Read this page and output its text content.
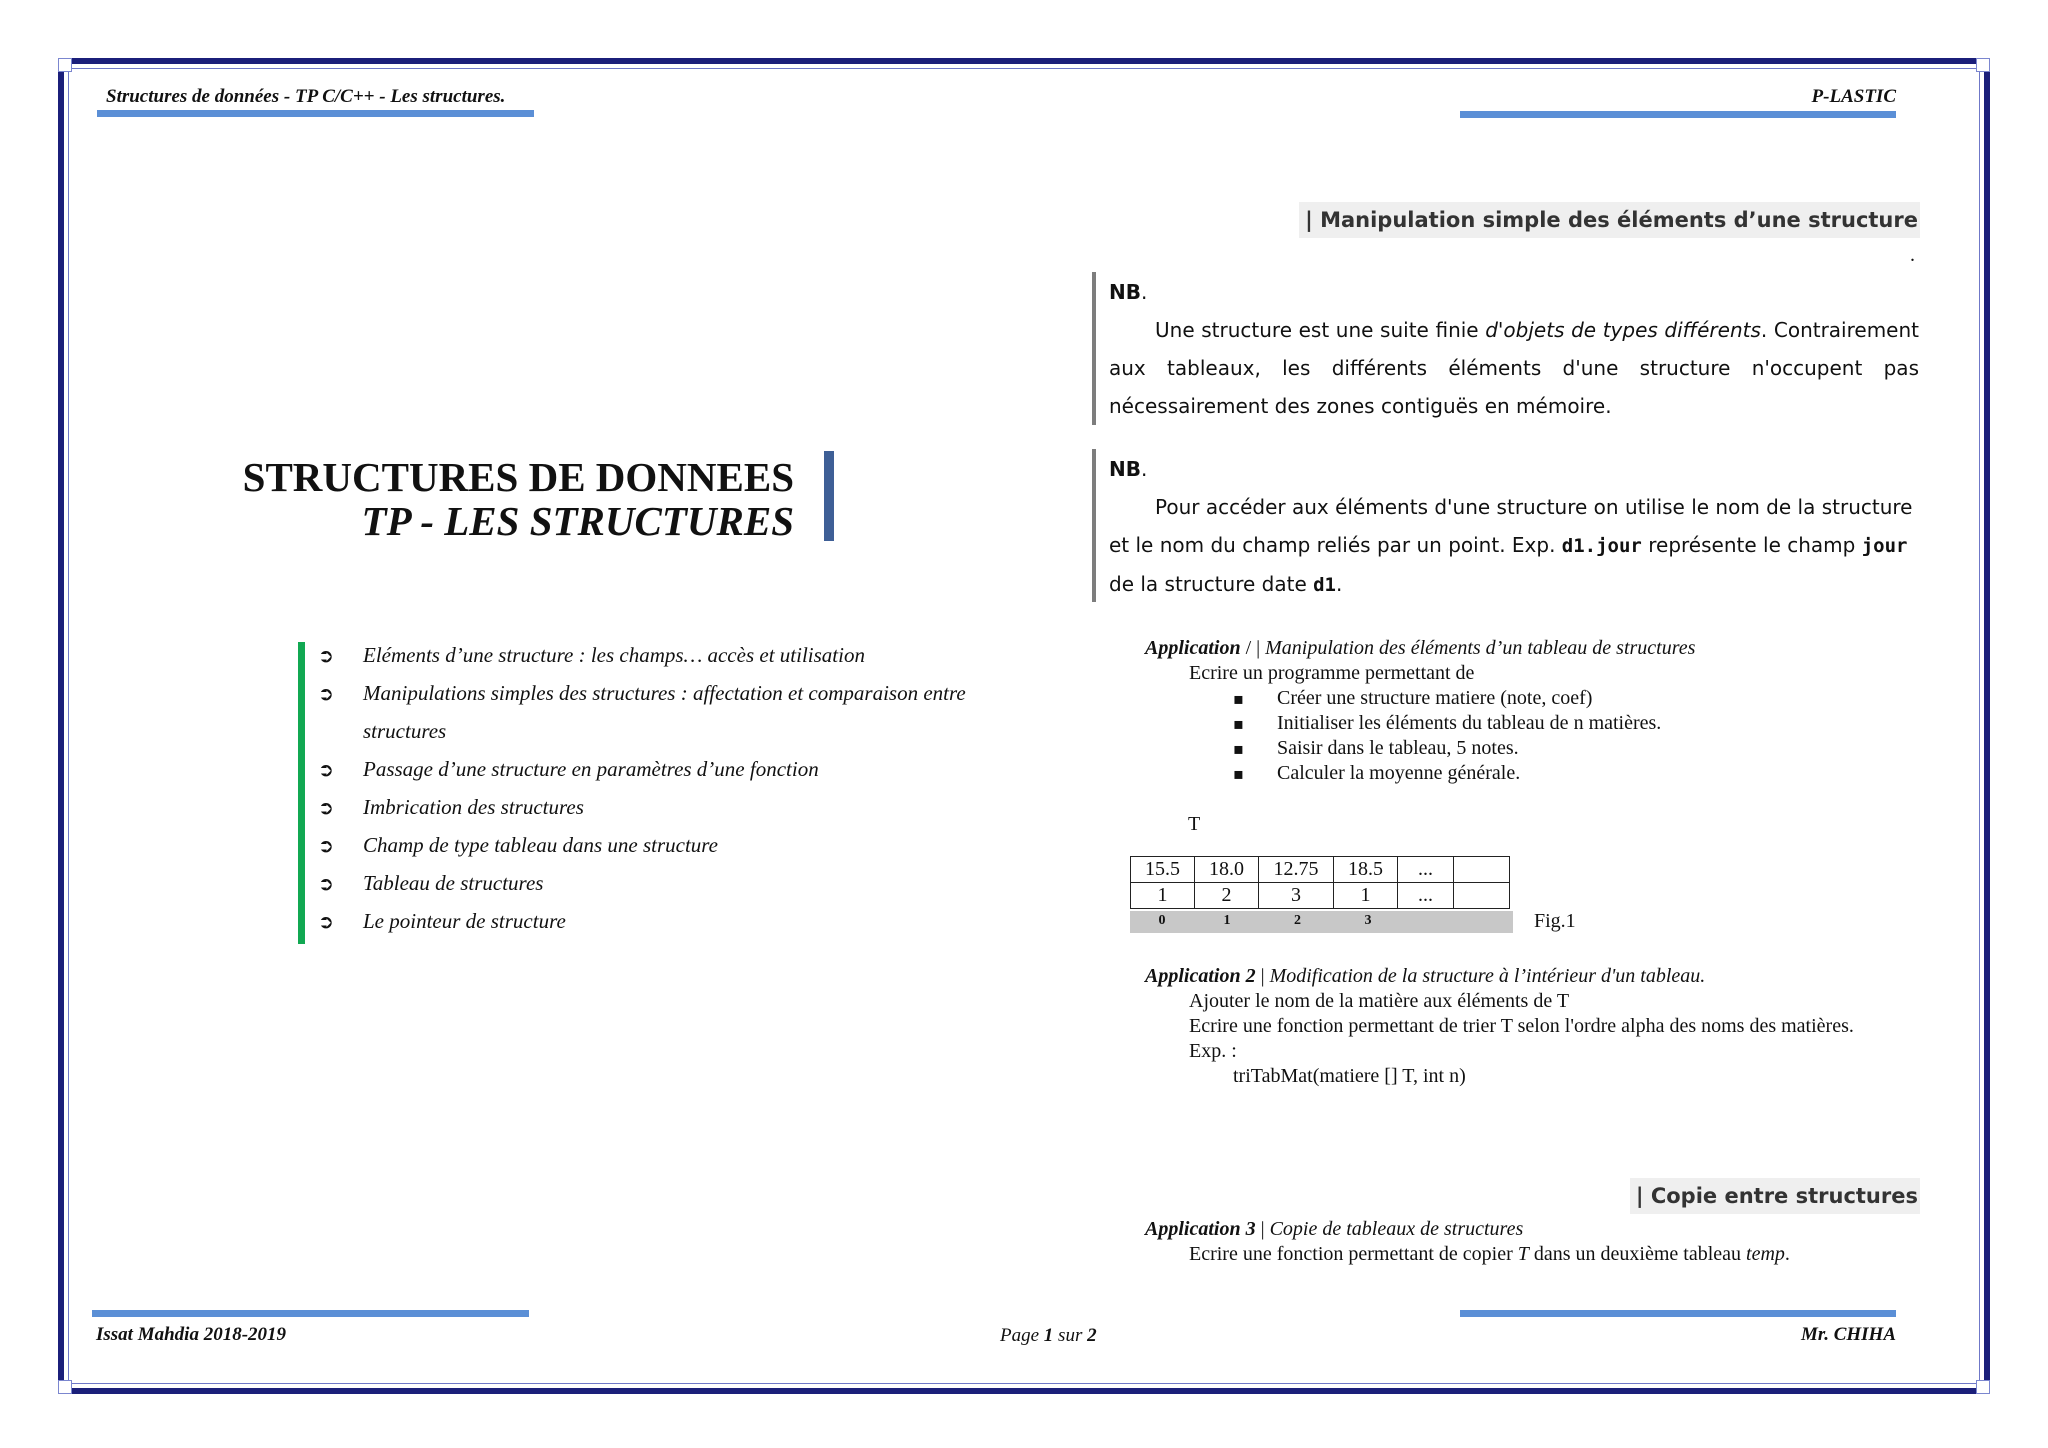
Structures de données - TP C/C++ - Les structures.	P-LASTIC
STRUCTURES DE DONNEES
TP - LES STRUCTURES
➲ Eléments d’une structure : les champs… accès et utilisation
➲ Manipulations simples des structures : affectation et comparaison entre structures
➲ Passage d’une structure en paramètres d’une fonction
➲ Imbrication des structures
➲ Champ de type tableau dans une structure
➲ Tableau de structures
➲ Le pointeur de structure
| Manipulation simple des éléments d’une structure
.
NB.
Une structure est une suite finie d'objets de types différents. Contrairement aux tableaux, les différents éléments d'une structure n'occupent pas nécessairement des zones contiguës en mémoire.
NB.
Pour accéder aux éléments d'une structure on utilise le nom de la structure et le nom du champ reliés par un point. Exp. d1.jour représente le champ jour de la structure date d1.
Application / | Manipulation des éléments d’un tableau de structures
Ecrire un programme permettant de
▪ Créer une structure matiere (note, coef)
▪ Initialiser les éléments du tableau de n matières.
▪ Saisir dans le tableau, 5 notes.
▪ Calculer la moyenne générale.
T
15.5	18.0	12.75	18.5	...	
1	2	3	1	...	
0	1	2	3	Fig.1
Application 2 | Modification de la structure à l’intérieur d'un tableau.
Ajouter le nom de la matière aux éléments de T
Ecrire une fonction permettant de trier T selon l'ordre alpha des noms des matières.
Exp. :
triTabMat(matiere [] T, int n)
| Copie entre structures
Application 3 | Copie de tableaux de structures
Ecrire une fonction permettant de copier T dans un deuxième tableau temp.
Issat Mahdia 2018-2019	Page 1 sur 2	Mr. CHIHA
